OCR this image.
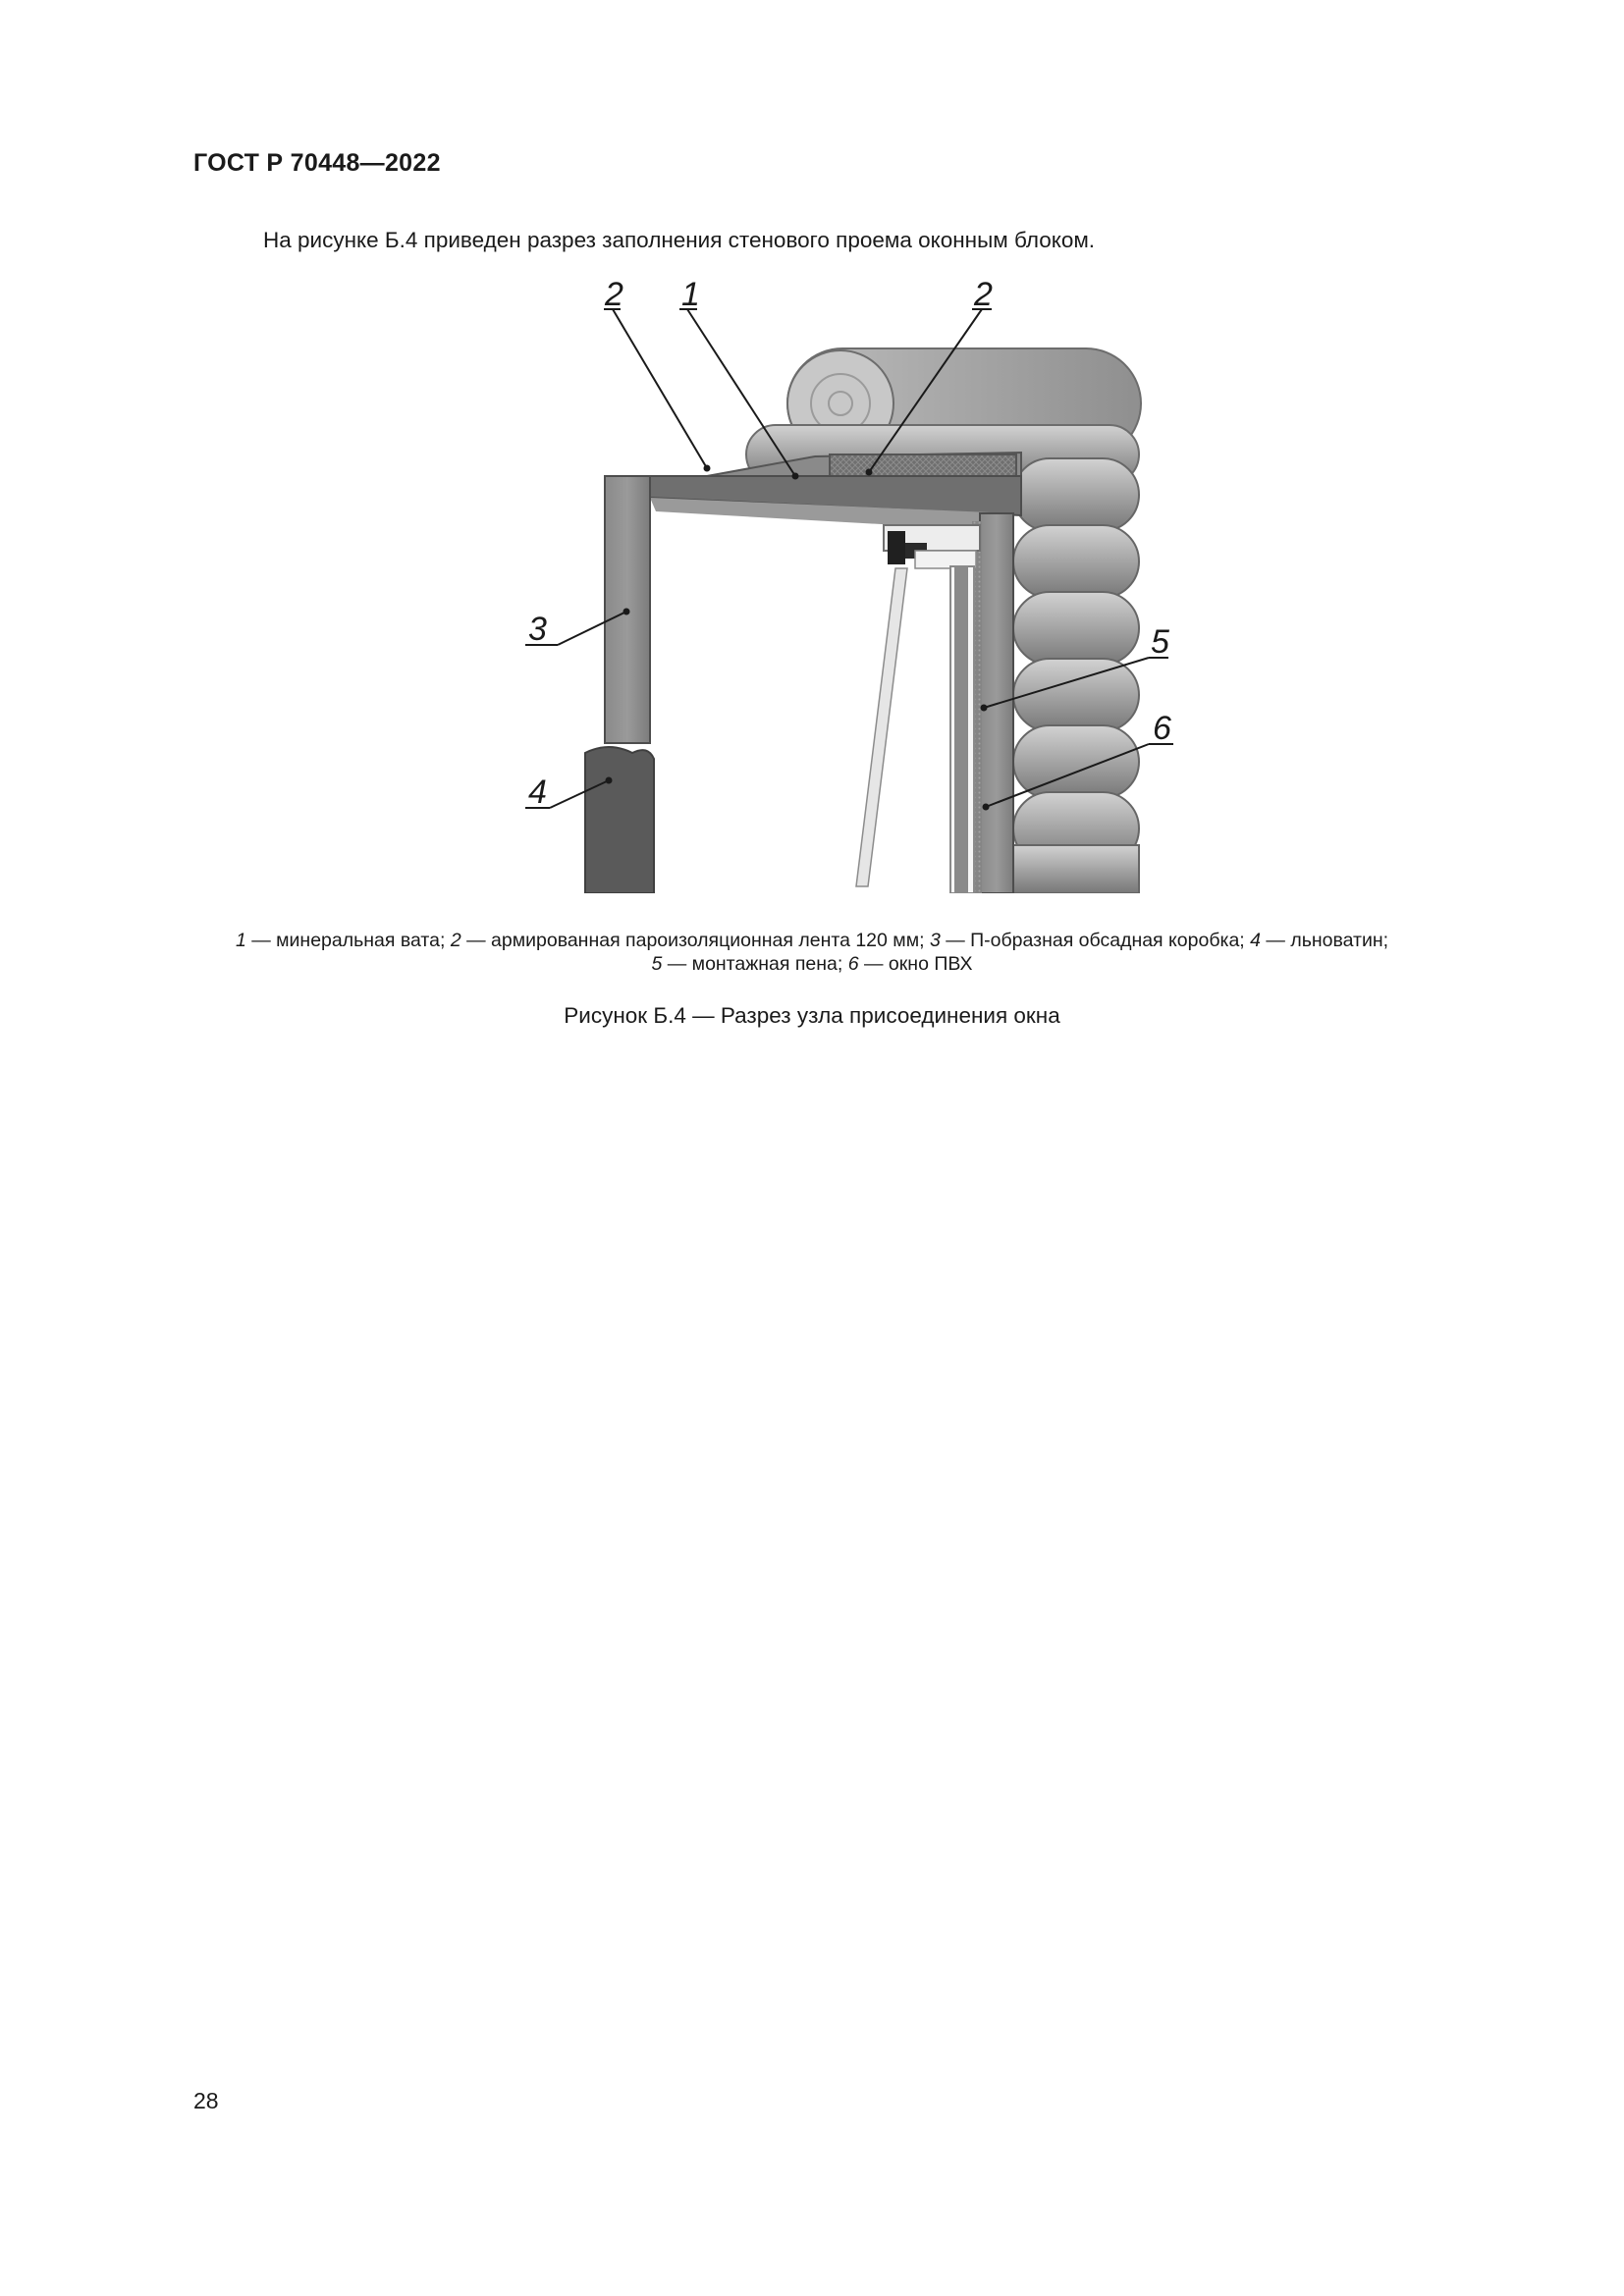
ГОСТ Р 70448—2022
На рисунке Б.4 приведен разрез заполнения стенового проема оконным блоком.
2 1	2
3
4
5
6
1 — минеральная вата; 2 — армированная пароизоляционная лента 120 мм; 3 — П-образная обсадная коробка; 4 — льноватин;
5 — монтажная пена; 6 — окно ПВХ
Рисунок Б.4 — Разрез узла присоединения окна
28
